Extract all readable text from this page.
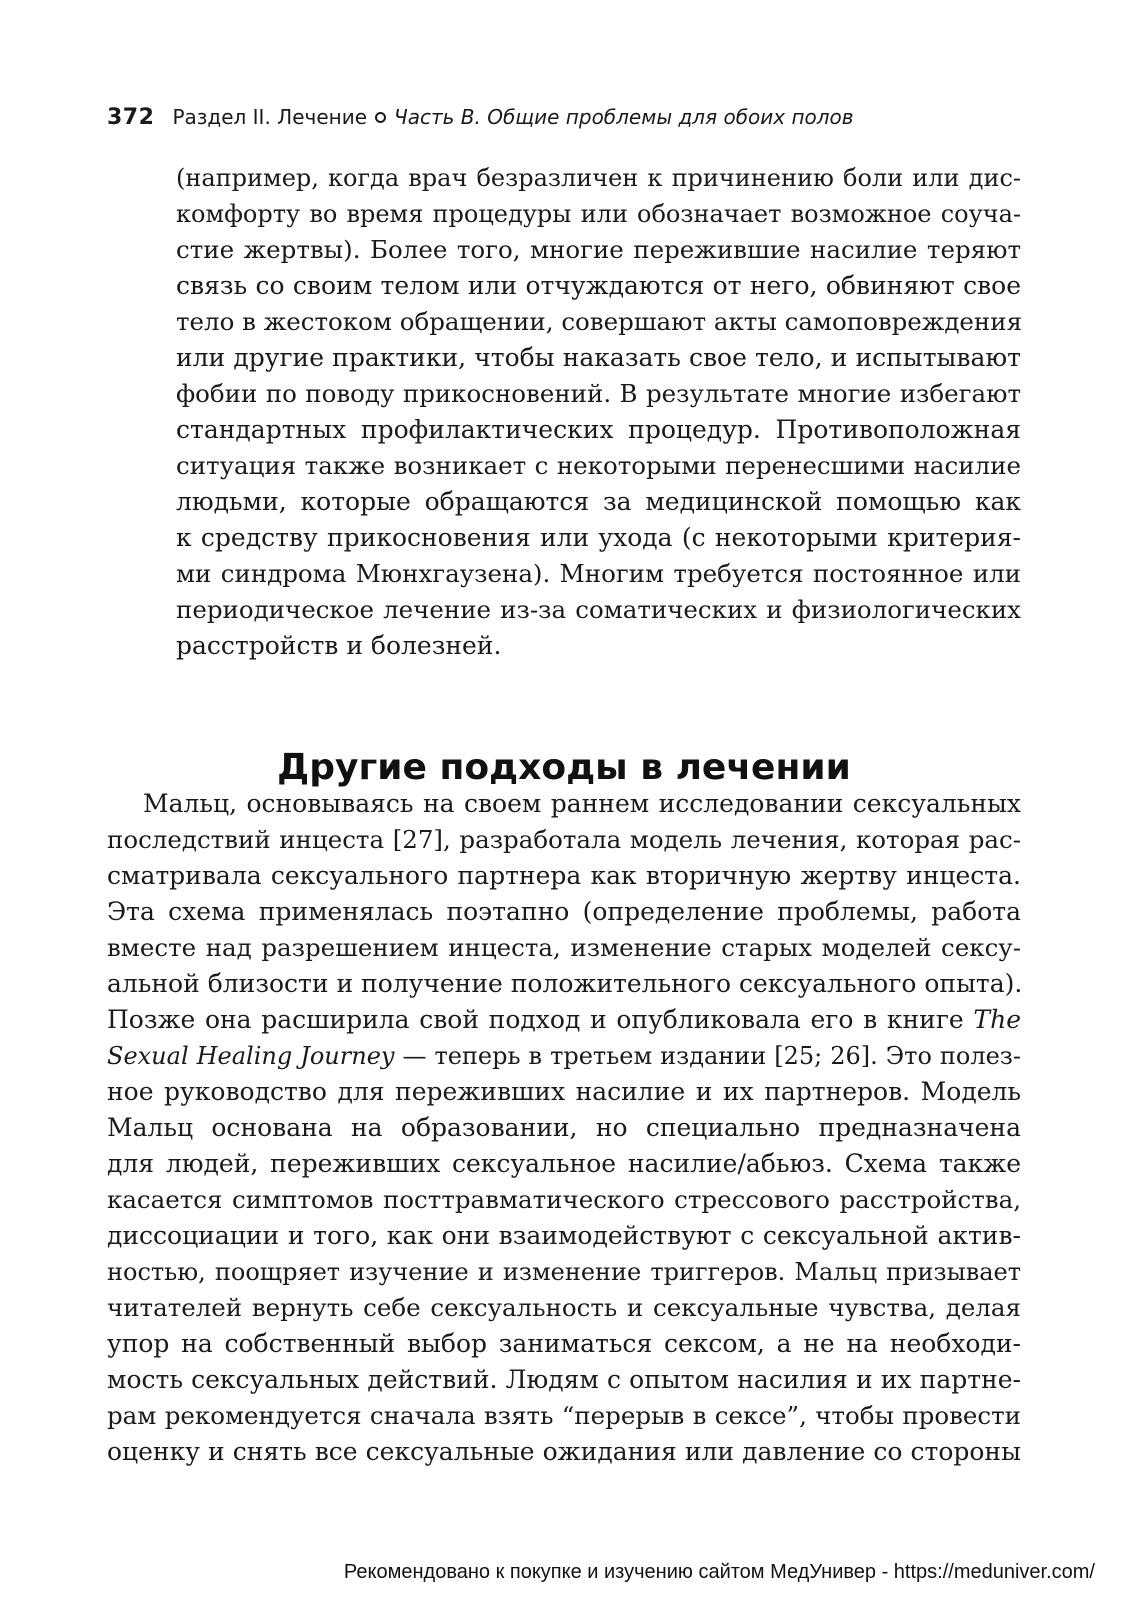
372 Раздел II. Лечение Часть B. Общие проблемы для обоих полов
(например, когда врач безразличен к причинению боли или дис-
комфорту во время процедуры или обозначает возможное соуча-
стие жертвы). Более того, многие пережившие насилие теряют
связь со своим телом или отчуждаются от него, обвиняют свое
тело в жестоком обращении, совершают акты самоповреждения
или другие практики, чтобы наказать свое тело, и испытывают
фобии по поводу прикосновений. В результате многие избегают
стандартных профилактических процедур. Противоположная
ситуация также возникает с некоторыми перенесшими насилие
людьми, которые обращаются за медицинской помощью как
к средству прикосновения или ухода (с некоторыми критерия-
ми синдрома Мюнхгаузена). Многим требуется постоянное или
периодическое лечение из-за соматических и физиологических
расстройств и болезней.
Другие подходы в лечении
Мальц, основываясь на своем раннем исследовании сексуальных
последствий инцеста [27], разработала модель лечения, которая рас-
сматривала сексуального партнера как вторичную жертву инцеста.
Эта схема применялась поэтапно (определение проблемы, работа
вместе над разрешением инцеста, изменение старых моделей сексу-
альной близости и получение положительного сексуального опыта).
Позже она расширила свой подход и опубликовала его в книге The
Sexual Healing Journey — теперь в третьем издании [25; 26]. Это полез-
ное руководство для переживших насилие и их партнеров. Модель
Мальц основана на образовании, но специально предназначена
для людей, переживших сексуальное насилие/абьюз. Схема также
касается симптомов посттравматического стрессового расстройства,
диссоциации и того, как они взаимодействуют с сексуальной актив-
ностью, поощряет изучение и изменение триггеров. Мальц призывает
читателей вернуть себе сексуальность и сексуальные чувства, делая
упор на собственный выбор заниматься сексом, а не на необходи-
мость сексуальных действий. Людям с опытом насилия и их партне-
рам рекомендуется сначала взять “перерыв в сексе”, чтобы провести
оценку и снять все сексуальные ожидания или давление со стороны
Рекомендовано к покупке и изучению сайтом МедУнивер - https://meduniver.com/
